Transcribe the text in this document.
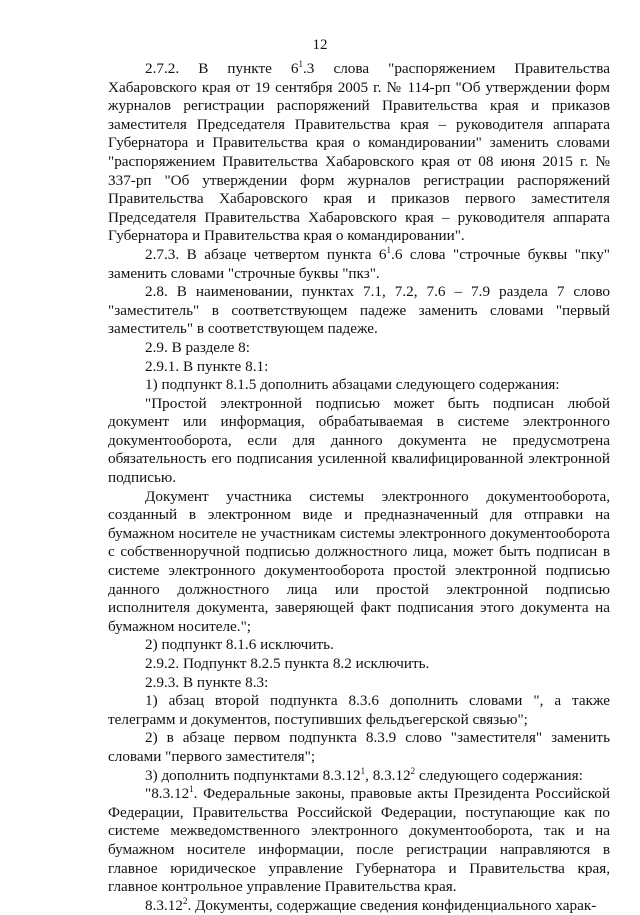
12

2.7.2. В пункте $6^1.3$ слова "распоряжением Правительства Хабаровского края от 19 сентября 2005 г. № 114-рп "Об утверждении форм журналов регистрации распоряжений Правительства края и приказов заместителя Председателя Правительства края – руководителя аппарата Губернатора и Правительства края о командировании" заменить словами "распоряжением Правительства Хабаровского края от 08 июня 2015 г. № 337-рп "Об утверждении форм журналов регистрации распоряжений Правительства Хабаровского края и приказов первого заместителя Председателя Правительства Хабаровского края – руководителя аппарата Губернатора и Правительства края о командировании".

2.7.3. В абзаце четвертом пункта $6^1.6$ слова "строчные буквы "пку" заменить словами "строчные буквы "пкз".

2.8. В наименовании, пунктах 7.1, 7.2, 7.6 – 7.9 раздела 7 слово "заместитель" в соответствующем падеже заменить словами "первый заместитель" в соответствующем падеже.

2.9. В разделе 8:

2.9.1. В пункте 8.1:

1) подпункт 8.1.5 дополнить абзацами следующего содержания:

"Простой электронной подписью может быть подписан любой документ или информация, обрабатываемая в системе электронного документооборота, если для данного документа не предусмотрена обязательность его подписания усиленной квалифицированной электронной подписью.

Документ участника системы электронного документооборота, созданный в электронном виде и предназначенный для отправки на бумажном носителе не участникам системы электронного документооборота с собственноручной подписью должностного лица, может быть подписан в системе электронного документооборота простой электронной подписью данного должностного лица или простой электронной подписью исполнителя документа, заверяющей факт подписания этого документа на бумажном носителе.";

2) подпункт 8.1.6 исключить.

2.9.2. Подпункт 8.2.5 пункта 8.2 исключить.

2.9.3. В пункте 8.3:

1) абзац второй подпункта 8.3.6 дополнить словами ", а также телеграмм и документов, поступивших фельдъегерской связью";

2) в абзаце первом подпункта 8.3.9 слово "заместителя" заменить словами "первого заместителя";

3) дополнить подпунктами 8.3.12$^1$, 8.3.12$^2$ следующего содержания:

"8.3.12$^1$. Федеральные законы, правовые акты Президента Российской Федерации, Правительства Российской Федерации, поступающие как по системе межведомственного электронного документооборота, так и на бумажном носителе информации, после регистрации направляются в главное юридическое управление Губернатора и Правительства края, главное контрольное управление Правительства края.

8.3.12$^2$. Документы, содержащие сведения конфиденциального харак-
